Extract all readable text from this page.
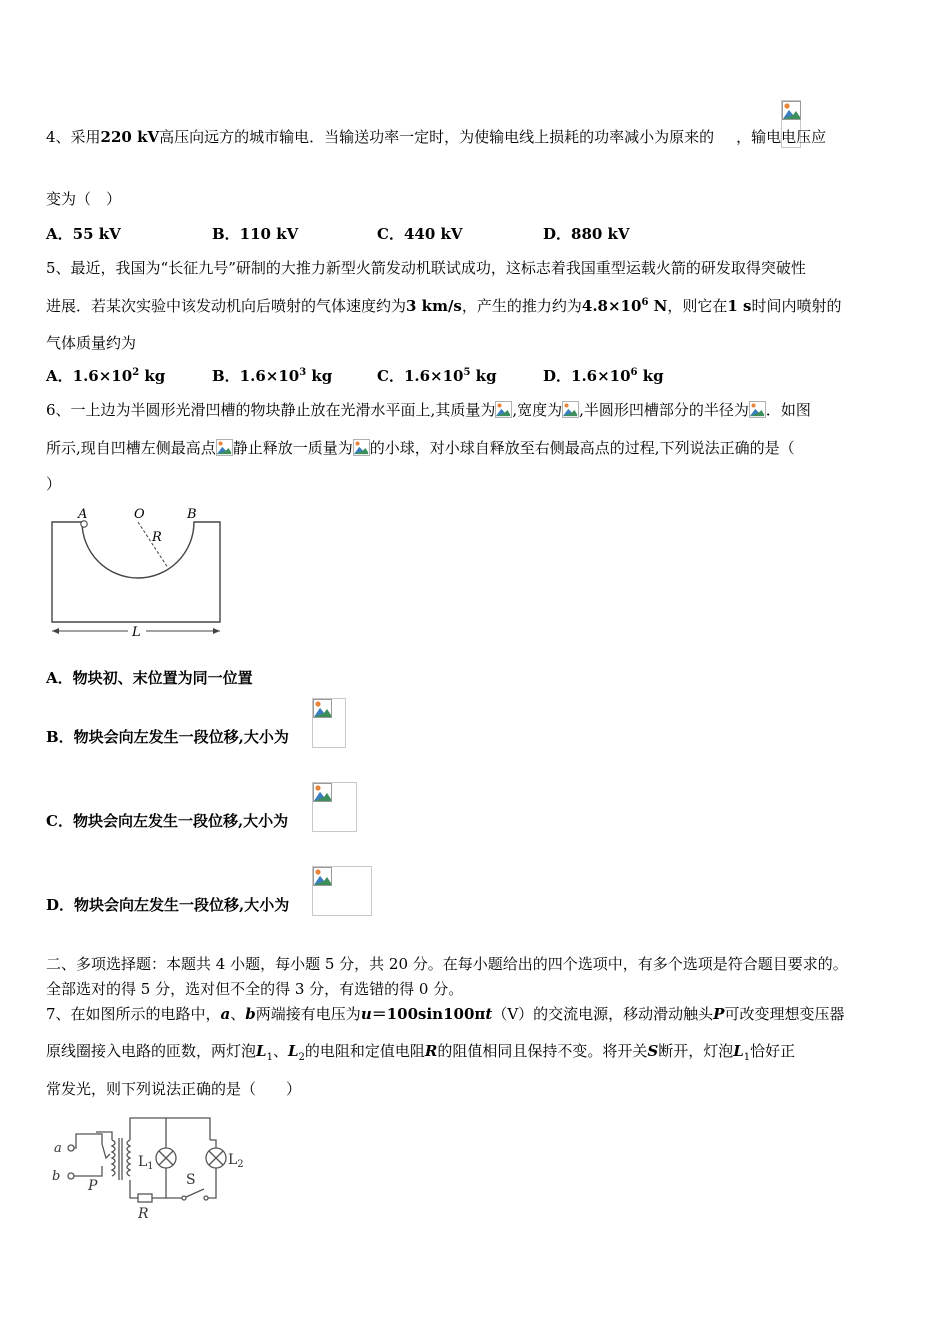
4、采用220 kV高压向远方的城市输电．当输送功率一定时，为使输电线上损耗的功率减小为原来的 ，输电电压应
变为（　）
A．55 kV	B．110 kV	C．440 kV	D．880 kV
5、最近，我国为“长征九号”研制的大推力新型火箭发动机联试成功，这标志着我国重型运载火箭的研发取得突破性
进展．若某次实验中该发动机向后喷射的气体速度约为3 km/s，产生的推力约为$4.8\times 10^6$ N，则它在1 s时间内喷射的
气体质量约为
A．$1.6\times 10^2$ kg	B．$1.6\times 10^3$ kg	C．$1.6\times 10^5$ kg	D．$1.6\times 10^6$ kg
6、一上边为半圆形光滑凹槽的物块静止放在光滑水平面上,其质量为 ,宽度为 ,半圆形凹槽部分的半径为 ．如图
所示,现自凹槽左侧最高点 静止释放一质量为 的小球，对小球自释放至右侧最高点的过程,下列说法正确的是（
）
A	O	B
R
L
A．物块初、末位置为同一位置
B．物块会向左发生一段位移,大小为
C．物块会向左发生一段位移,大小为
D．物块会向左发生一段位移,大小为
二、多项选择题：本题共 4 小题，每小题 5 分，共 20 分。在每小题给出的四个选项中，有多个选项是符合题目要求的。
全部选对的得 5 分，选对但不全的得 3 分，有选错的得 0 分。
7、在如图所示的电路中，a、b两端接有电压为u＝100sin100πt（V）的交流电源，移动滑动触头P可改变理想变压器
原线圈接入电路的匝数，两灯泡$L_1$、$L_2$的电阻和定值电阻R的阻值相同且保持不变。将开关S断开，灯泡$L_1$恰好正
常发光，则下列说法正确的是（　　）
a
b
P
$L_1$	$L_2$
S
R
